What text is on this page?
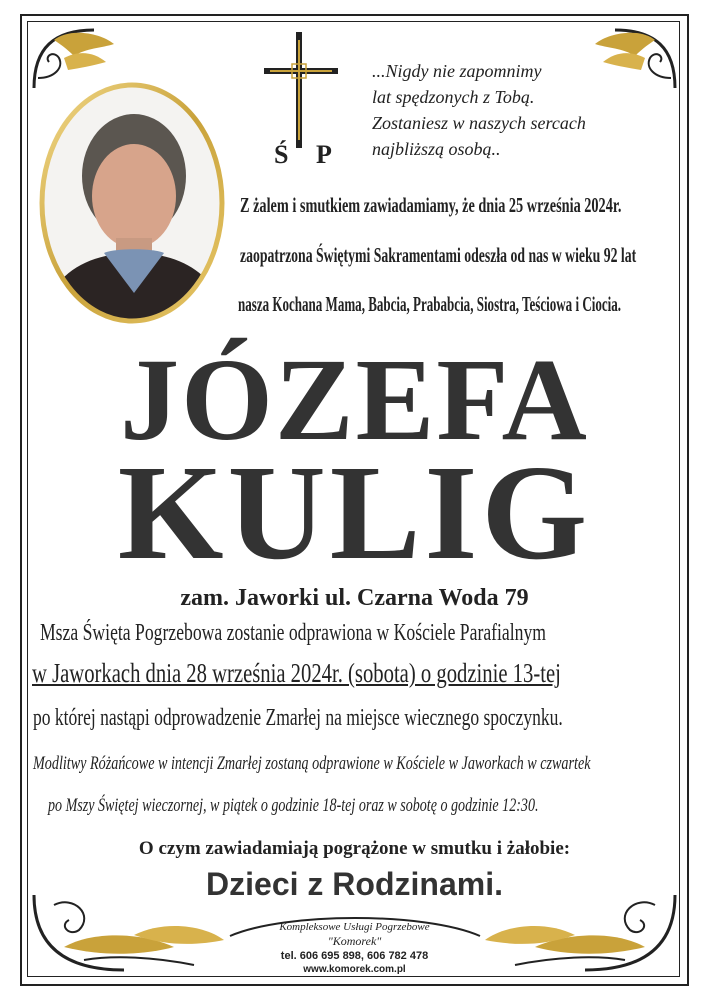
Ś P
...Nigdy nie zapomnimy
lat spędzonych z Tobą.
Zostaniesz w naszych sercach
najbliższą osobą..
Z żalem i smutkiem zawiadamiamy, że dnia 25 września 2024r.
zaopatrzona Świętymi Sakramentami odeszła od nas w wieku 92 lat
nasza Kochana Mama, Babcia, Prababcia, Siostra, Teściowa i Ciocia.
JÓZEFA
KULIG
zam. Jaworki ul. Czarna Woda 79
Msza Święta Pogrzebowa zostanie odprawiona w Kościele Parafialnym
w Jaworkach dnia 28 września 2024r. (sobota) o godzinie 13-tej
po której nastąpi odprowadzenie Zmarłej na miejsce wiecznego spoczynku.
Modlitwy Różańcowe w intencji Zmarłej zostaną odprawione w Kościele w Jaworkach w czwartek
po Mszy Świętej wieczornej, w piątek o godzinie 18-tej oraz w sobotę o godzinie 12:30.
O czym zawiadamiają pogrążone w smutku i żałobie:
Dzieci z Rodzinami.
Kompleksowe Usługi Pogrzebowe
"Komorek"
tel. 606 695 898, 606 782 478
www.komorek.com.pl
